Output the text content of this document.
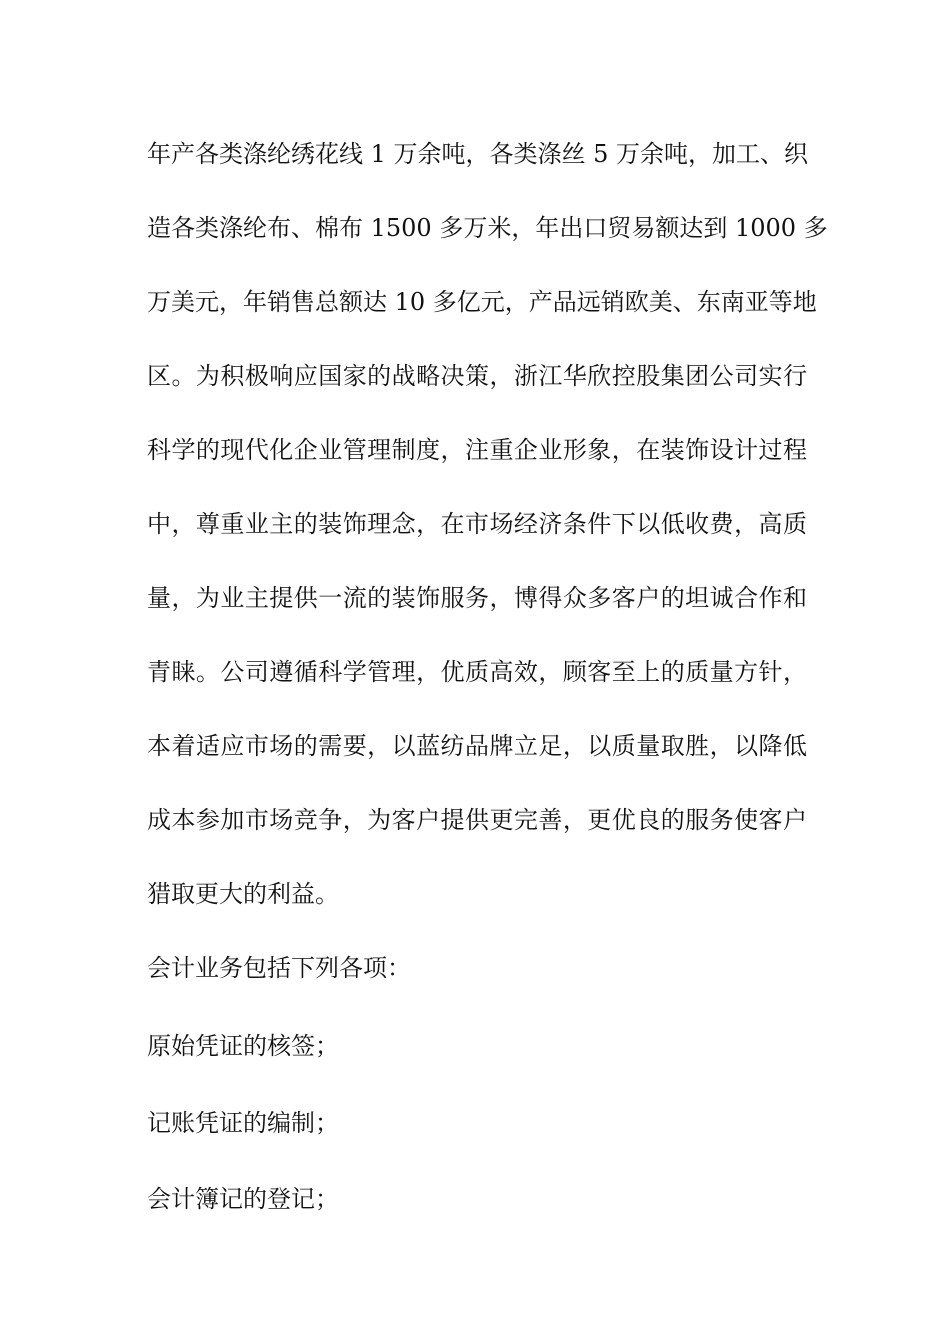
年产各类涤纶绣花线 1 万余吨，各类涤丝 5 万余吨，加工、织
造各类涤纶布、棉布 1500 多万米，年出口贸易额达到 1000 多
万美元，年销售总额达 10 多亿元，产品远销欧美、东南亚等地
区。为积极响应国家的战略决策，浙江华欣控股集团公司实行
科学的现代化企业管理制度，注重企业形象，在装饰设计过程
中，尊重业主的装饰理念，在市场经济条件下以低收费，高质
量，为业主提供一流的装饰服务，博得众多客户的坦诚合作和
青睐。公司遵循科学管理，优质高效，顾客至上的质量方针，
本着适应市场的需要，以蓝纺品牌立足，以质量取胜，以降低
成本参加市场竞争，为客户提供更完善，更优良的服务使客户
猎取更大的利益。
会计业务包括下列各项：
原始凭证的核签；
记账凭证的编制；
会计簿记的登记；
